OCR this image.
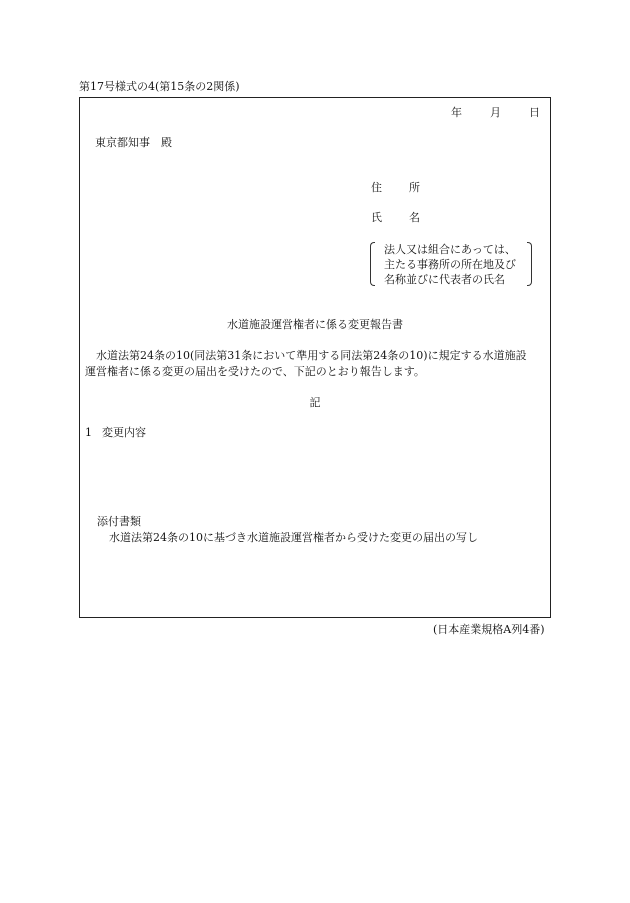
第17号様式の4(第15条の2関係)
年	月	日
東京都知事　殿
住 所
氏 名
法人又は組合にあっては、
主たる事務所の所在地及び
名称並びに代表者の氏名
水道施設運営権者に係る変更報告書
　水道法第24条の10(同法第31条において準用する同法第24条の10)に規定する水道施設
運営権者に係る変更の届出を受けたので、下記のとおり報告します。
記
1 変更内容
添付書類
水道法第24条の10に基づき水道施設運営権者から受けた変更の届出の写し
(日本産業規格A列4番)
